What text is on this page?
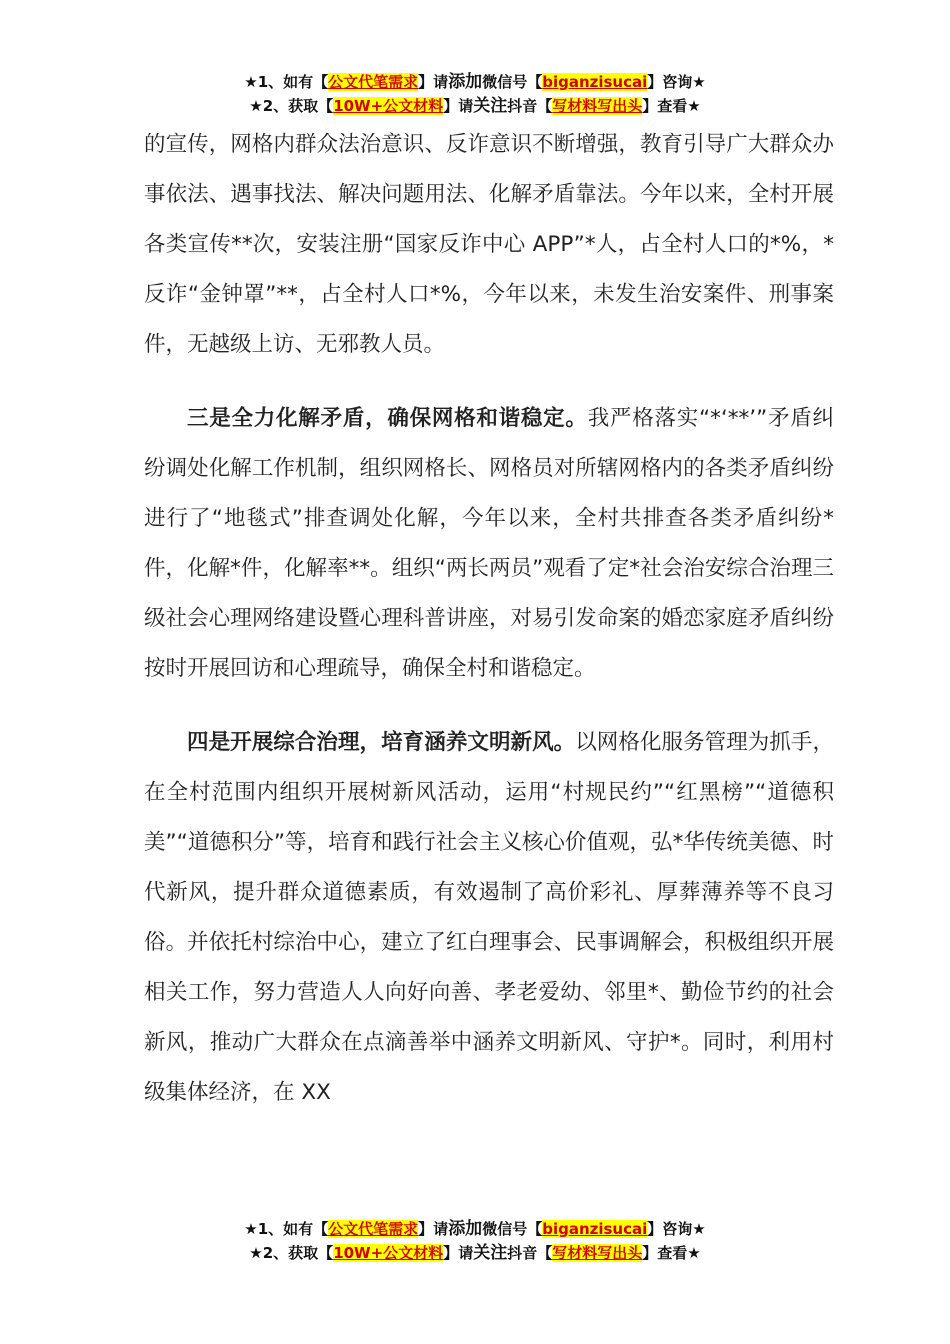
★1、如有【公文代笔需求】请添加微信号【biganzisucai】咨询★
★2、获取【10W+公文材料】请关注抖音【写材料写出头】查看★

的宣传，网格内群众法治意识、反诈意识不断增强，教育引导广大群众办事依法、遇事找法、解决问题用法、化解矛盾靠法。今年以来，全村开展各类宣传**次，安装注册“国家反诈中心 APP”*人，占全村人口的*%，*反诈“金钟罩”**，占全村人口*%，今年以来，未发生治安案件、刑事案件，无越级上访、无邪教人员。

三是全力化解矛盾，确保网格和谐稳定。我严格落实“*‘**’”矛盾纠纷调处化解工作机制，组织网格长、网格员对所辖网格内的各类矛盾纠纷进行了“地毯式”排查调处化解，今年以来，全村共排查各类矛盾纠纷*件，化解*件，化解率**。组织“两长两员”观看了定*社会治安综合治理三级社会心理网络建设暨心理科普讲座，对易引发命案的婚恋家庭矛盾纠纷按时开展回访和心理疏导，确保全村和谐稳定。

四是开展综合治理，培育涵养文明新风。以网格化服务管理为抓手，在全村范围内组织开展树新风活动，运用“村规民约”“红黑榜”“道德积美”“道德积分”等，培育和践行社会主义核心价值观，弘*华传统美德、时代新风，提升群众道德素质，有效遏制了高价彩礼、厚葬薄养等不良习俗。并依托村综治中心，建立了红白理事会、民事调解会，积极组织开展相关工作，努力营造人人向好向善、孝老爱幼、邻里*、勤俭节约的社会新风，推动广大群众在点滴善举中涵养文明新风、守护*。同时，利用村级集体经济，在 XX

★1、如有【公文代笔需求】请添加微信号【biganzisucai】咨询★
★2、获取【10W+公文材料】请关注抖音【写材料写出头】查看★
